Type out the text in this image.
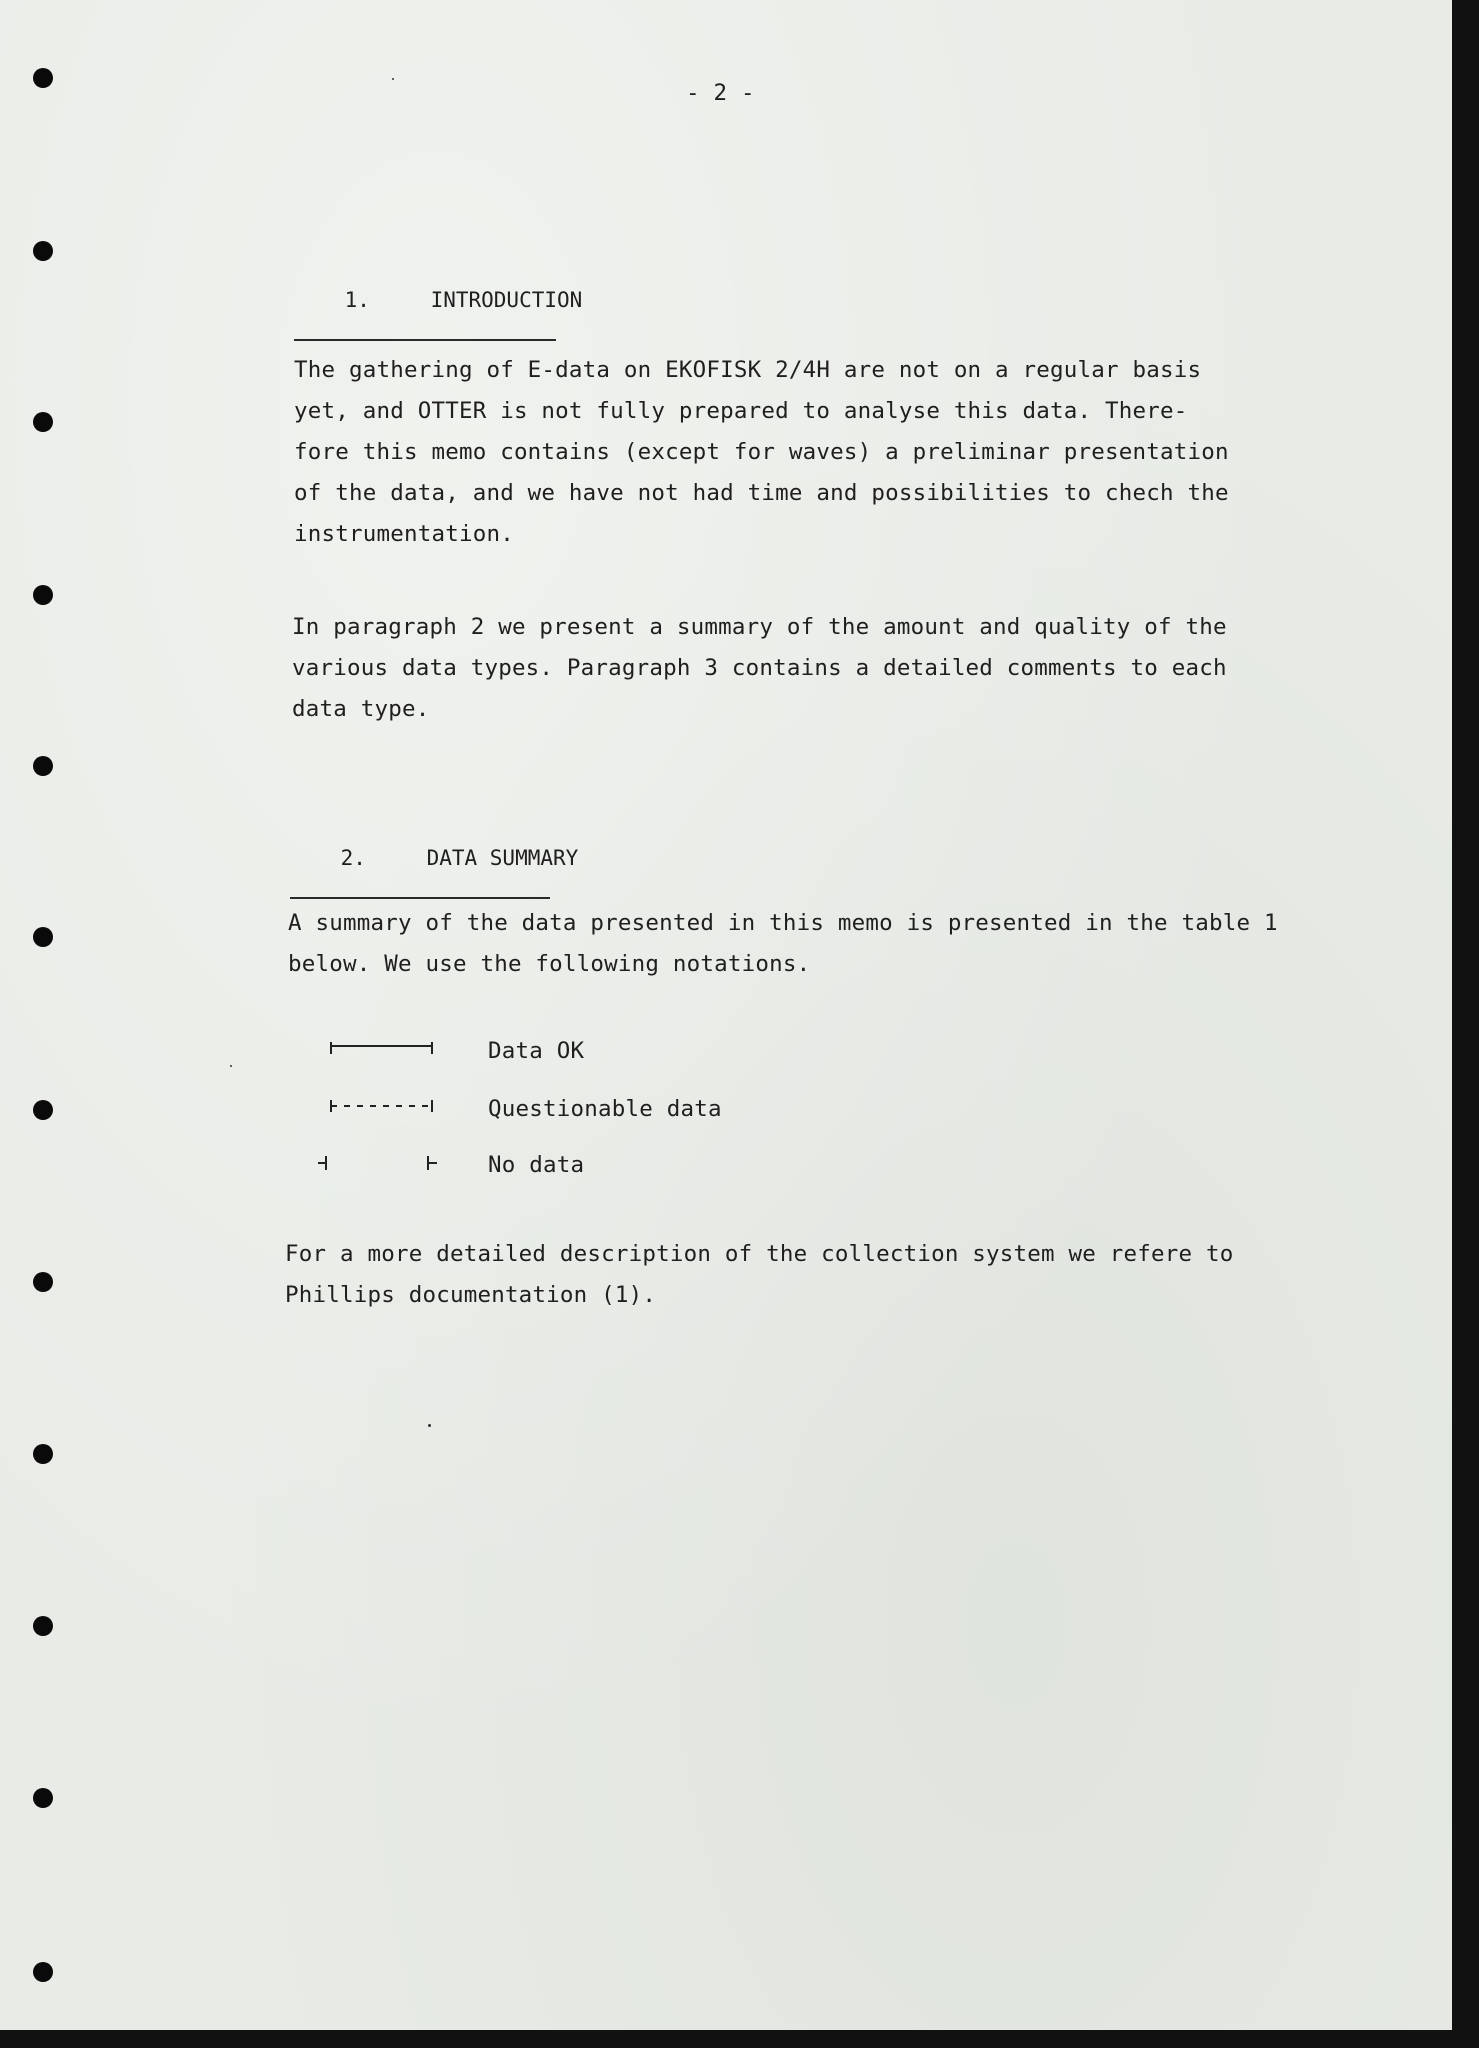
- 2 -

1.	INTRODUCTION

The gathering of E-data on EKOFISK 2/4H are not on a regular basis
yet, and OTTER is not fully prepared to analyse this data. There-
fore this memo contains (except for waves) a preliminar presentation
of the data, and we have not had time and possibilities to chech the
instrumentation.
In paragraph 2 we present a summary of the amount and quality of the
various data types. Paragraph 3 contains a detailed comments to each
data type.

2.	DATA SUMMARY

A summary of the data presented in this memo is presented in the table 1
below. We use the following notations.
Data OK
Questionable data
No data
For a more detailed description of the collection system we refere to
Phillips documentation (1).
